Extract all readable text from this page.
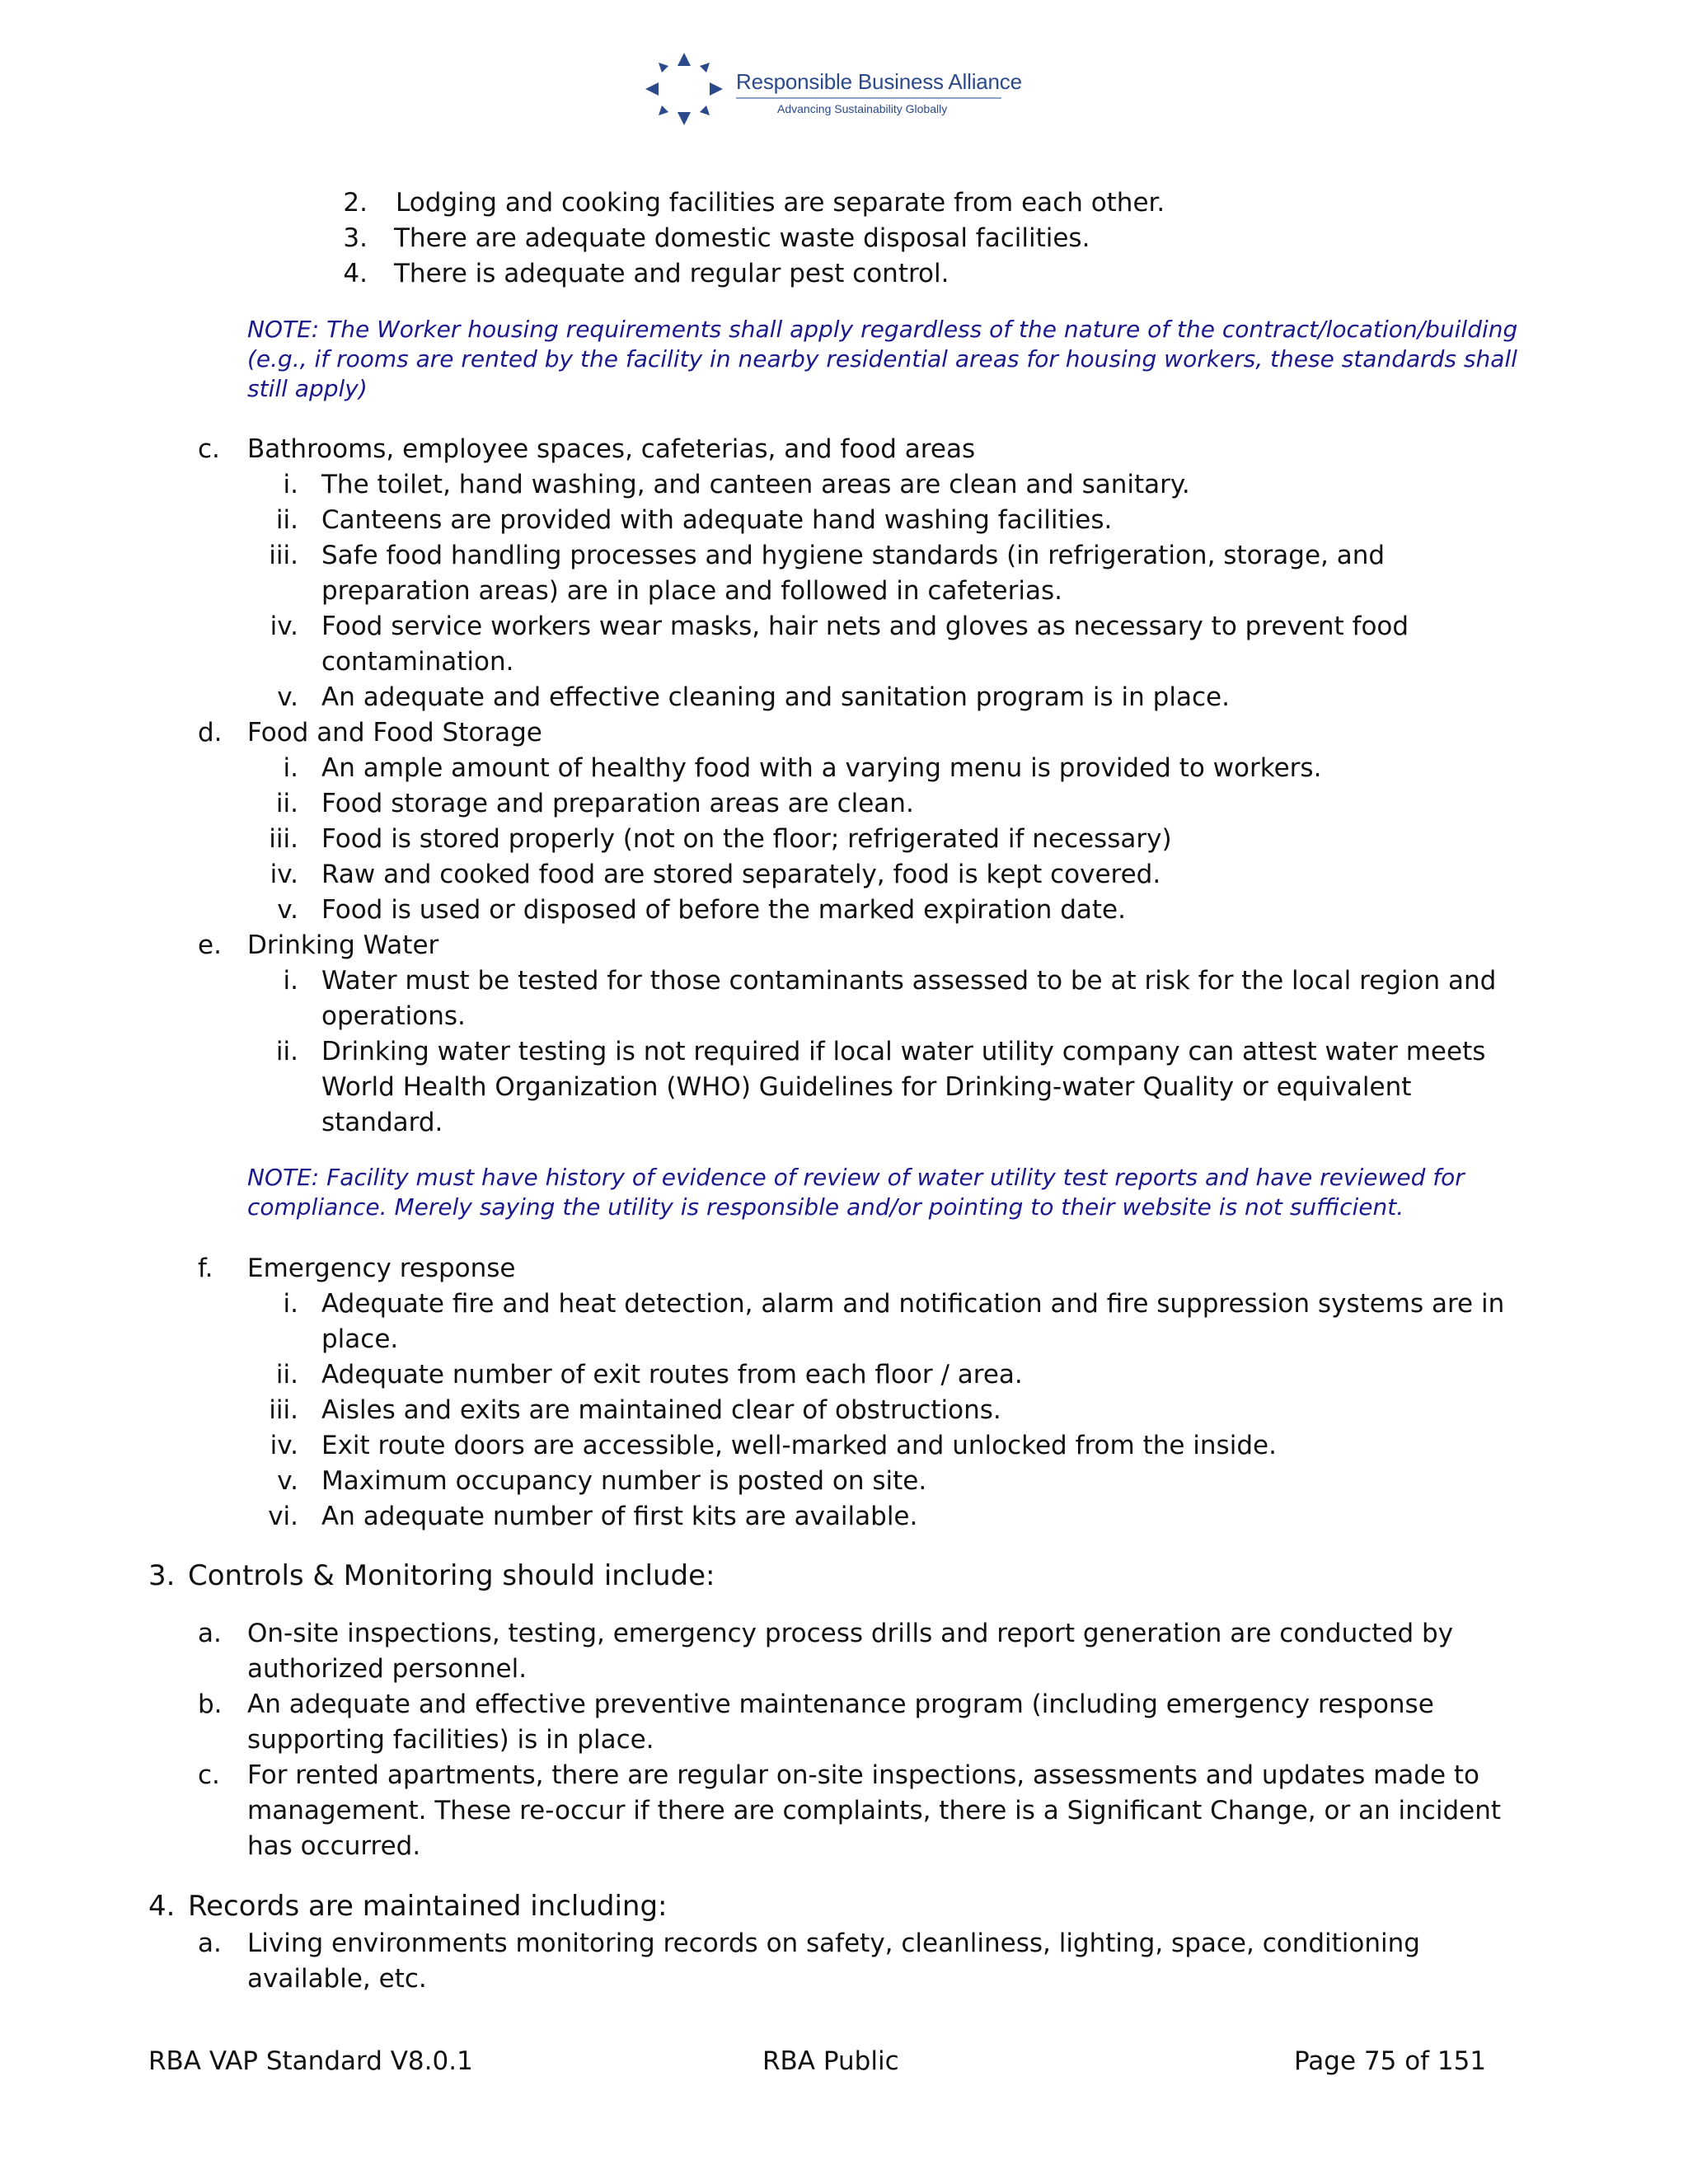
Responsible Business Alliance
Advancing Sustainability Globally
2. Lodging and cooking facilities are separate from each other.
3. There are adequate domestic waste disposal facilities.
4. There is adequate and regular pest control.
NOTE: The Worker housing requirements shall apply regardless of the nature of the contract/location/building
(e.g., if rooms are rented by the facility in nearby residential areas for housing workers, these standards shall
still apply)
c. Bathrooms, employee spaces, cafeterias, and food areas
i. The toilet, hand washing, and canteen areas are clean and sanitary.
ii. Canteens are provided with adequate hand washing facilities.
iii. Safe food handling processes and hygiene standards (in refrigeration, storage, and
preparation areas) are in place and followed in cafeterias.
iv. Food service workers wear masks, hair nets and gloves as necessary to prevent food
contamination.
v. An adequate and effective cleaning and sanitation program is in place.
d. Food and Food Storage
i. An ample amount of healthy food with a varying menu is provided to workers.
ii. Food storage and preparation areas are clean.
iii. Food is stored properly (not on the floor; refrigerated if necessary)
iv. Raw and cooked food are stored separately, food is kept covered.
v. Food is used or disposed of before the marked expiration date.
e. Drinking Water
i. Water must be tested for those contaminants assessed to be at risk for the local region and
operations.
ii. Drinking water testing is not required if local water utility company can attest water meets
World Health Organization (WHO) Guidelines for Drinking-water Quality or equivalent
standard.
NOTE: Facility must have history of evidence of review of water utility test reports and have reviewed for
compliance. Merely saying the utility is responsible and/or pointing to their website is not sufficient.
f. Emergency response
i. Adequate fire and heat detection, alarm and notification and fire suppression systems are in
place.
ii. Adequate number of exit routes from each floor / area.
iii. Aisles and exits are maintained clear of obstructions.
iv. Exit route doors are accessible, well-marked and unlocked from the inside.
v. Maximum occupancy number is posted on site.
vi. An adequate number of first kits are available.
3. Controls & Monitoring should include:
a. On-site inspections, testing, emergency process drills and report generation are conducted by
authorized personnel.
b. An adequate and effective preventive maintenance program (including emergency response
supporting facilities) is in place.
c. For rented apartments, there are regular on-site inspections, assessments and updates made to
management. These re-occur if there are complaints, there is a Significant Change, or an incident
has occurred.
4. Records are maintained including:
a. Living environments monitoring records on safety, cleanliness, lighting, space, conditioning
available, etc.
RBA VAP Standard V8.0.1	RBA Public	Page 75 of 151
